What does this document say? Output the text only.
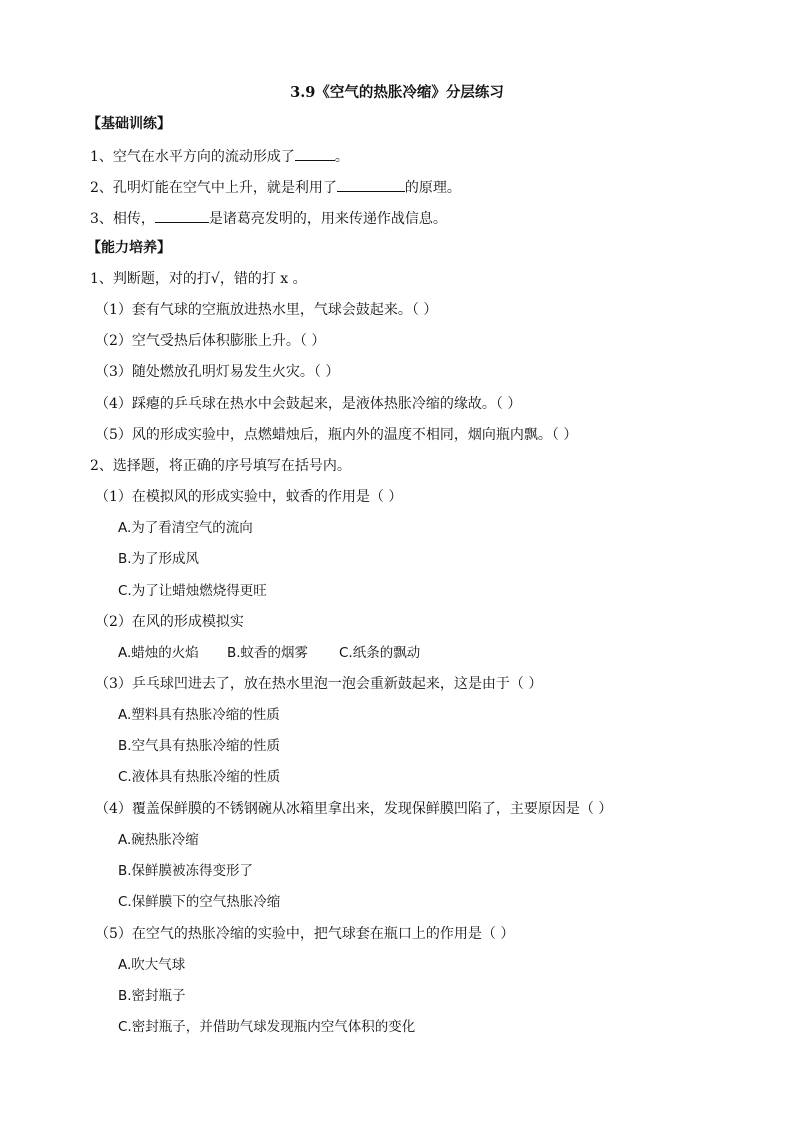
3.9《空气的热胀冷缩》分层练习
【基础训练】
1、空气在水平方向的流动形成了	。
2、孔明灯能在空气中上升，就是利用了	的原理。
3、相传，	是诸葛亮发明的，用来传递作战信息。
【能力培养】
1、判断题，对的打√，错的打 x 。
（1）套有气球的空瓶放进热水里，气球会鼓起来。（ ）
（2）空气受热后体积膨胀上升。（ ）
（3）随处燃放孔明灯易发生火灾。（ ）
（4）踩瘪的乒乓球在热水中会鼓起来，是液体热胀冷缩的缘故。（ ）
（5）风的形成实验中，点燃蜡烛后，瓶内外的温度不相同，烟向瓶内飘。（ ）
2、选择题，将正确的序号填写在括号内。
（1）在模拟风的形成实验中，蚊香的作用是（ ）
A.为了看清空气的流向
B.为了形成风
C.为了让蜡烛燃烧得更旺
（2）在风的形成模拟实
A.蜡烛的火焰 B.蚊香的烟雾 C.纸条的飘动
（3）乒乓球凹进去了，放在热水里泡一泡会重新鼓起来，这是由于（ ）
A.塑料具有热胀冷缩的性质
B.空气具有热胀冷缩的性质
C.液体具有热胀冷缩的性质
（4）覆盖保鲜膜的不锈钢碗从冰箱里拿出来，发现保鲜膜凹陷了，主要原因是（ ）
A.碗热胀冷缩
B.保鲜膜被冻得变形了
C.保鲜膜下的空气热胀冷缩
（5）在空气的热胀冷缩的实验中，把气球套在瓶口上的作用是（ ）
A.吹大气球
B.密封瓶子
C.密封瓶子，并借助气球发现瓶内空气体积的变化
